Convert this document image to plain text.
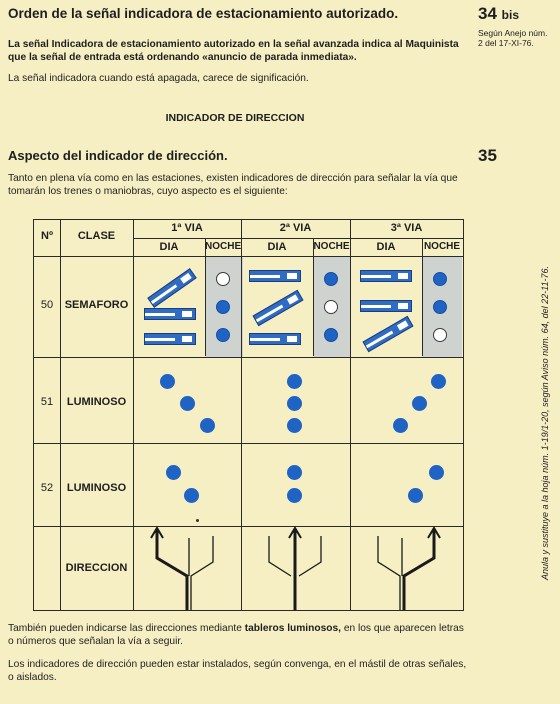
Orden de la señal indicadora de estacionamiento autorizado.	34 bis
Según Anejo núm. 2 del 17-XI-76.
La señal Indicadora de estacionamiento autorizado en la señal avanzada indica al Maquinista que la señal de entrada está ordenando «anuncio de parada inmediata».
La señal indicadora cuando está apagada, carece de significación.
INDICADOR DE DIRECCION
Aspecto del indicador de dirección.	35
Tanto en plena vía como en las estaciones, existen indicadores de dirección para señalar la vía que tomarán los trenes o maniobras, cuyo aspecto es el siguiente:
Anula y sustituye a la hoja núm. 1-19/1-20, según Aviso núm. 64, del 22-11-76.
Nº	CLASE
1ª VIA	2ª VIA	3ª VIA
DIA	NOCHE	DIA	NOCHE	DIA	NOCHE
50	SEMAFORO
51	LUMINOSO
52	LUMINOSO
DIRECCION
También pueden indicarse las direcciones mediante tableros luminosos, en los que aparecen letras o números que señalan la vía a seguir.
Los indicadores de dirección pueden estar instalados, según convenga, en el mástil de otras señales, o aislados.
